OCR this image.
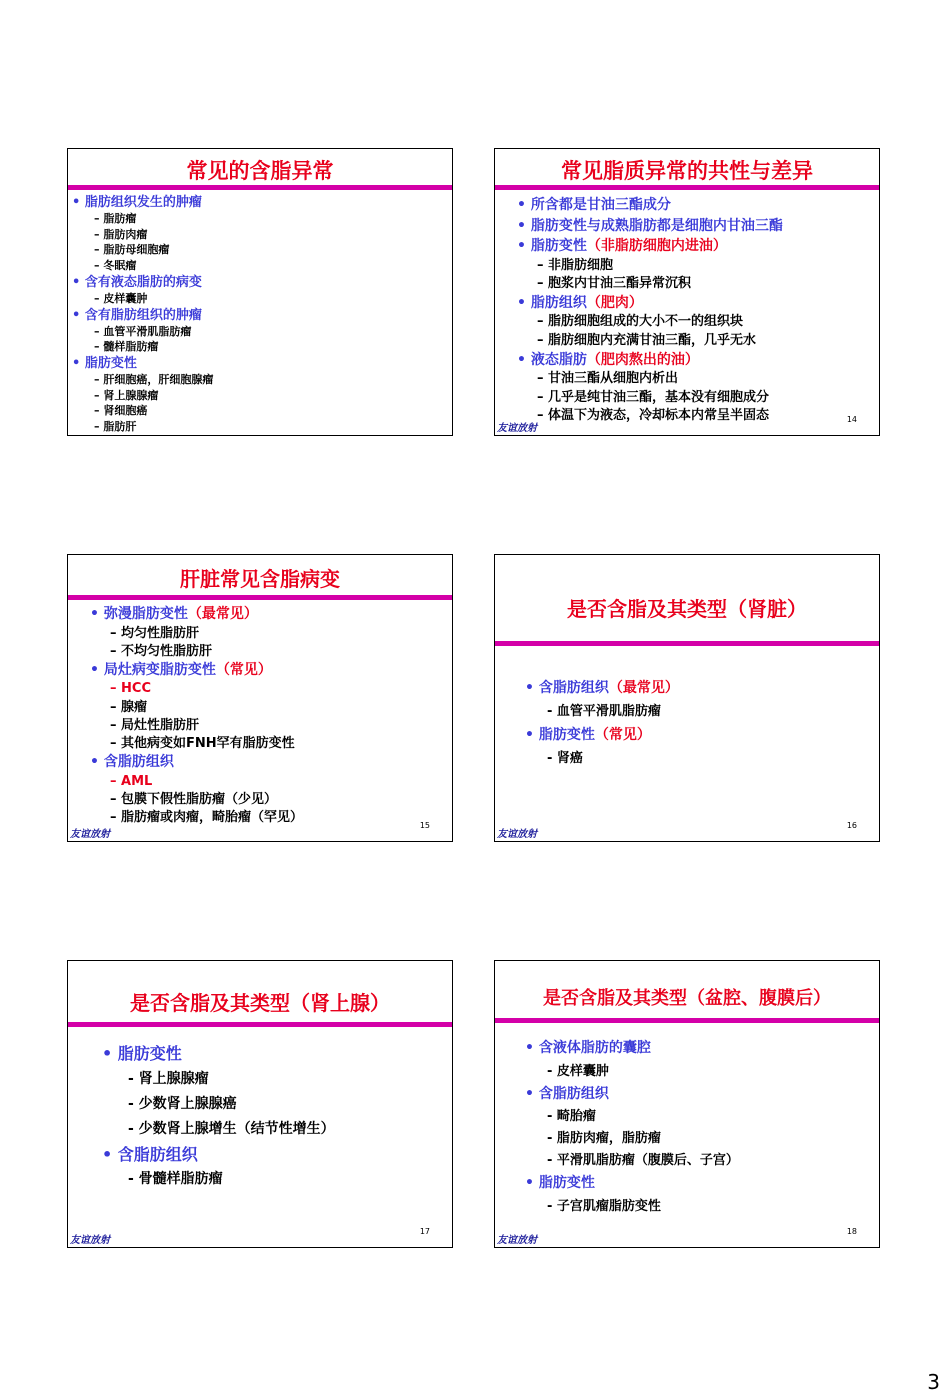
常见的含脂异常
• 脂肪组织发生的肿瘤
– 脂肪瘤
– 脂肪肉瘤
– 脂肪母细胞瘤
– 冬眠瘤
• 含有液态脂肪的病变
– 皮样囊肿
• 含有脂肪组织的肿瘤
– 血管平滑肌脂肪瘤
– 髓样脂肪瘤
• 脂肪变性
– 肝细胞癌，肝细胞腺瘤
– 肾上腺腺瘤
– 肾细胞癌
– 脂肪肝
常见脂质异常的共性与差异
• 所含都是甘油三酯成分
• 脂肪变性与成熟脂肪都是细胞内甘油三酯
• 脂肪变性（非脂肪细胞内进油）
– 非脂肪细胞
– 胞浆内甘油三酯异常沉积
• 脂肪组织（肥肉）
– 脂肪细胞组成的大小不一的组织块
– 脂肪细胞内充满甘油三酯，几乎无水
• 液态脂肪（肥肉熬出的油）
– 甘油三酯从细胞内析出
– 几乎是纯甘油三酯，基本没有细胞成分
– 体温下为液态，冷却标本内常呈半固态	14
友谊放射
肝脏常见含脂病变
• 弥漫脂肪变性（最常见）
– 均匀性脂肪肝
– 不均匀性脂肪肝
• 局灶病变脂肪变性（常见）
– HCC
– 腺瘤
– 局灶性脂肪肝
– 其他病变如FNH罕有脂肪变性
• 含脂肪组织
– AML
– 包膜下假性脂肪瘤（少见）
– 脂肪瘤或肉瘤，畸胎瘤（罕见）
15
友谊放射
是否含脂及其类型（肾脏）
• 含脂肪组织（最常见）
- 血管平滑肌脂肪瘤
• 脂肪变性（常见）
- 肾癌
16
友谊放射
是否含脂及其类型（肾上腺）
• 脂肪变性
- 肾上腺腺瘤
- 少数肾上腺腺癌
- 少数肾上腺增生（结节性增生）
• 含脂肪组织
- 骨髓样脂肪瘤
17
友谊放射
是否含脂及其类型（盆腔、腹膜后）
• 含液体脂肪的囊腔
- 皮样囊肿
• 含脂肪组织
- 畸胎瘤
- 脂肪肉瘤，脂肪瘤
- 平滑肌脂肪瘤（腹膜后、子宫）
• 脂肪变性
- 子宫肌瘤脂肪变性
18
友谊放射
3
